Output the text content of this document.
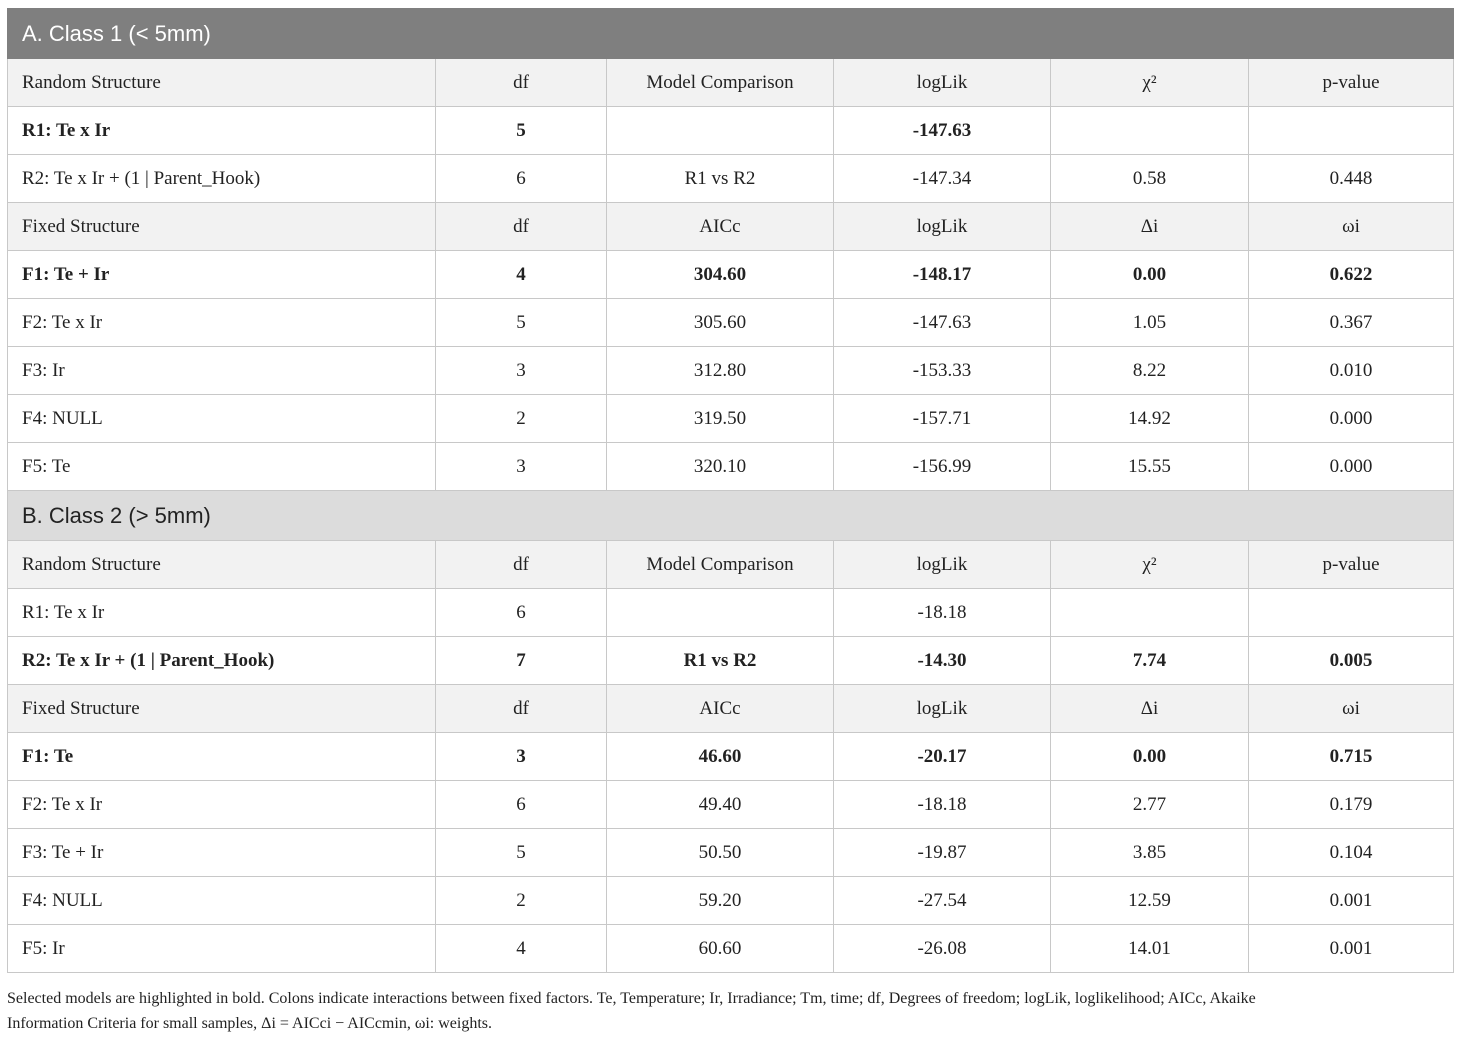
A. Class 1 (< 5mm)					
Random Structure	df	Model Comparison	logLik	χ²	p-value
R1: Te x Ir	5		-147.63		
R2: Te x Ir + (1 | Parent_Hook)	6	R1 vs R2	-147.34	0.58	0.448
Fixed Structure	df	AICc	logLik	Δi	ωi
F1: Te + Ir	4	304.60	-148.17	0.00	0.622
F2: Te x Ir	5	305.60	-147.63	1.05	0.367
F3: Ir	3	312.80	-153.33	8.22	0.010
F4: NULL	2	319.50	-157.71	14.92	0.000
F5: Te	3	320.10	-156.99	15.55	0.000
B. Class 2 (> 5mm)					
Random Structure	df	Model Comparison	logLik	χ²	p-value
R1: Te x Ir	6		-18.18		
R2: Te x Ir + (1 | Parent_Hook)	7	R1 vs R2	-14.30	7.74	0.005
Fixed Structure	df	AICc	logLik	Δi	ωi
F1: Te	3	46.60	-20.17	0.00	0.715
F2: Te x Ir	6	49.40	-18.18	2.77	0.179
F3: Te + Ir	5	50.50	-19.87	3.85	0.104
F4: NULL	2	59.20	-27.54	12.59	0.001
F5: Ir	4	60.60	-26.08	14.01	0.001
Selected models are highlighted in bold. Colons indicate interactions between fixed factors. Te, Temperature; Ir, Irradiance; Tm, time; df, Degrees of freedom; logLik, loglikelihood; AICc, Akaike
Information Criteria for small samples, Δi = AICci − AICcmin, ωi: weights.
